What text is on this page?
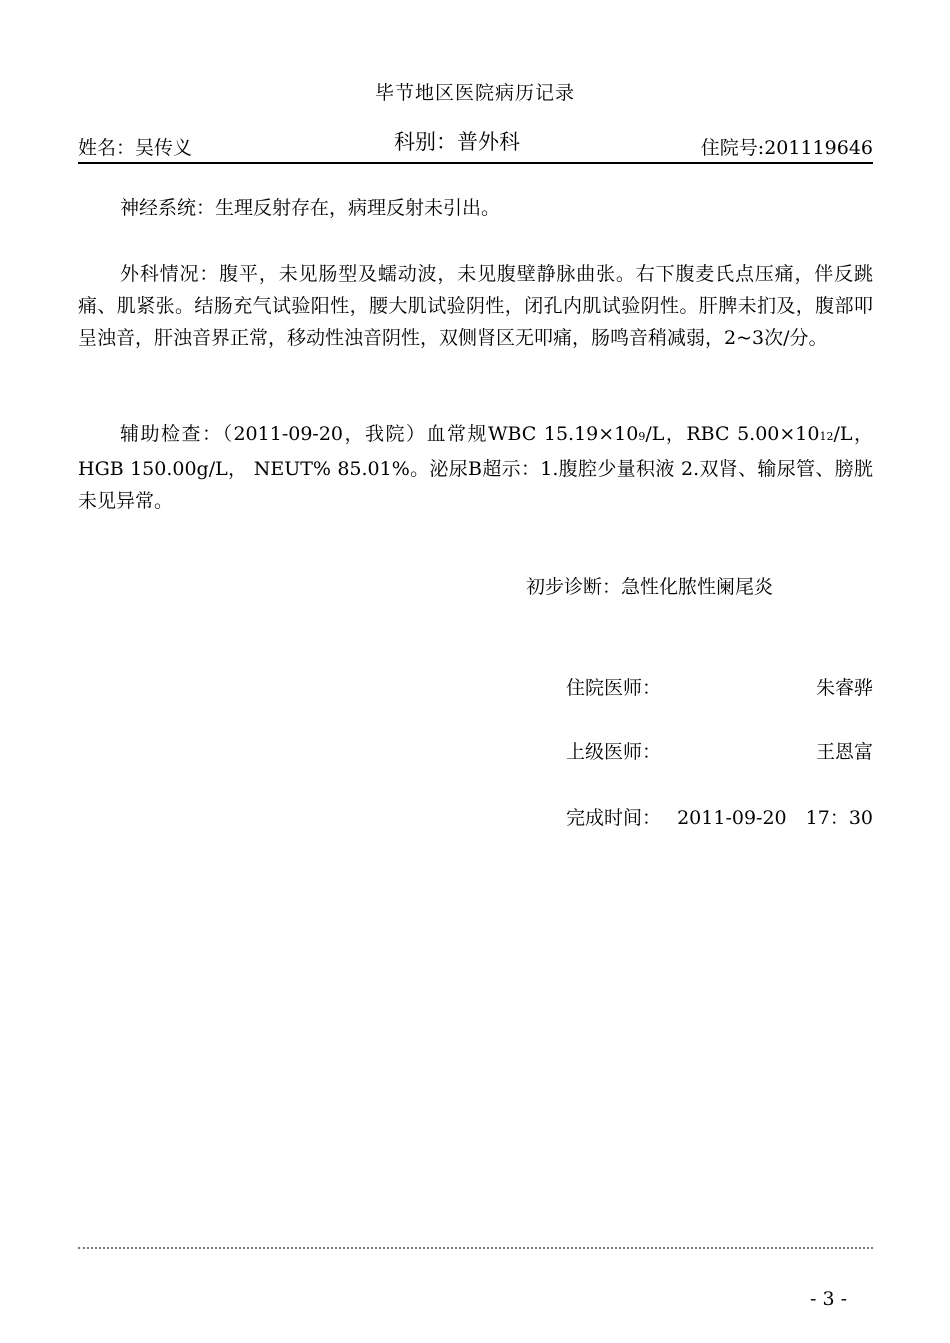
毕节地区医院病历记录
姓名：吴传义	科别：普外科	住院号:201119646
神经系统：生理反射存在，病理反射未引出。
外科情况：腹平，未见肠型及蠕动波，未见腹壁静脉曲张。右下腹麦氏点压痛，伴反跳痛、肌紧张。结肠充气试验阳性，腰大肌试验阴性，闭孔内肌试验阴性。肝脾未扪及，腹部叩呈浊音，肝浊音界正常，移动性浊音阴性，双侧肾区无叩痛，肠鸣音稍减弱，2~3次/分。
辅助检查：（2011-09-20，我院）血常规WBC 15.19×109/L，RBC 5.00×1012/L，HGB 150.00g/L， NEUT% 85.01%。泌尿B超示：1.腹腔少量积液 2.双肾、输尿管、膀胱未见异常。
初步诊断：急性化脓性阑尾炎
住院医师：	朱睿骅
上级医师：	王恩富
完成时间： 2011-09-20　17：30
- 3 -
